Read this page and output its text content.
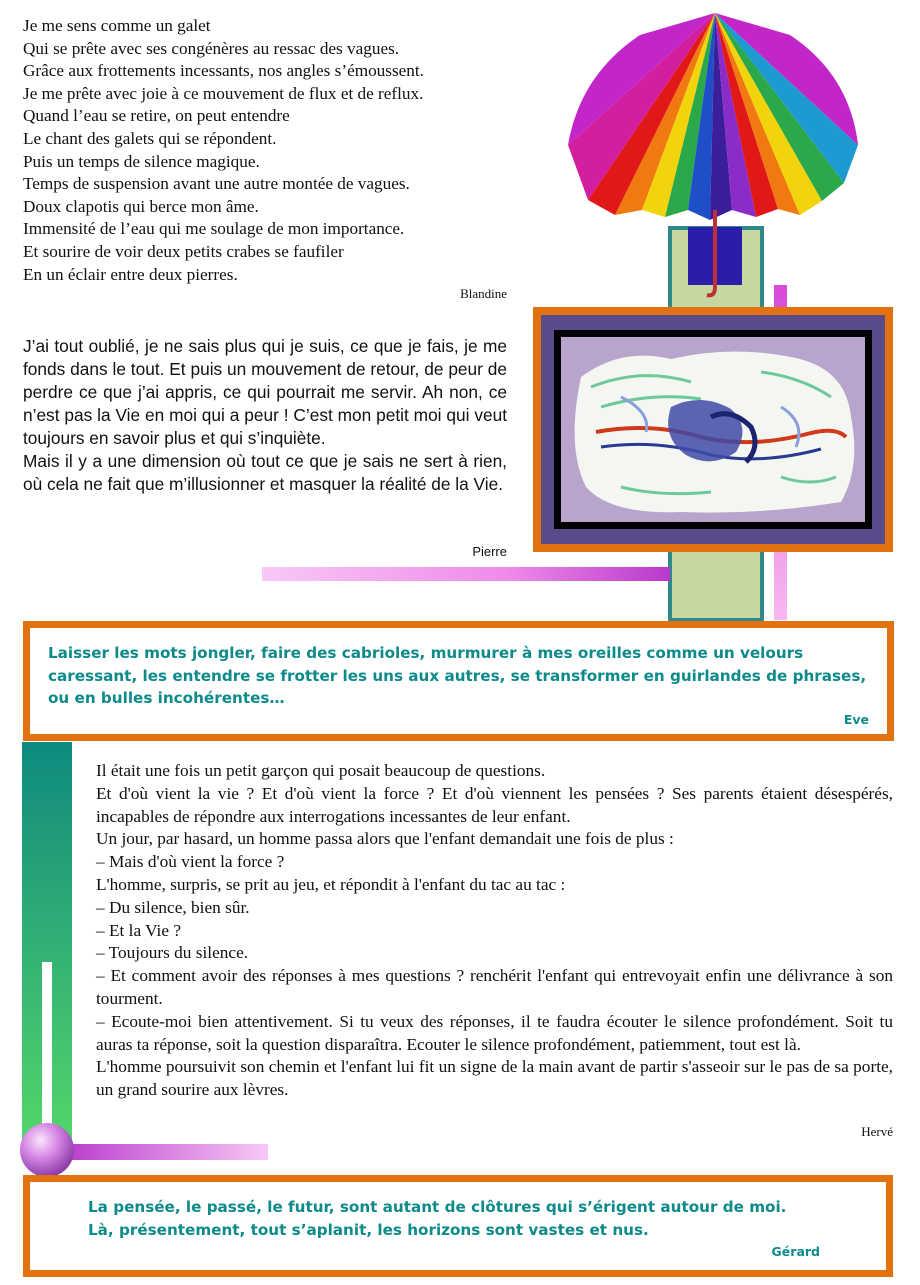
Je me sens comme un galet
Qui se prête avec ses congénères au ressac des vagues.
Grâce aux frottements incessants, nos angles s’émoussent.
Je me prête avec joie à ce mouvement de flux et de reflux.
Quand l’eau se retire, on peut entendre
Le chant des galets qui se répondent.
Puis un temps de silence magique.
Temps de suspension avant une autre montée de vagues.
Doux clapotis qui berce mon âme.
Immensité de l’eau qui me soulage de mon importance.
Et sourire de voir deux petits crabes se faufiler
En un éclair entre deux pierres.
Blandine

J’ai tout oublié, je ne sais plus qui je suis, ce que je fais, je me fonds dans le tout. Et puis un mouvement de retour, de peur de perdre ce que j’ai appris, ce qui pourrait me servir. Ah non, ce n’est pas la Vie en moi qui a peur ! C’est mon petit moi qui veut toujours en savoir plus et qui s’inquiète.

Mais il y a une dimension où tout ce que je sais ne sert à rien, où cela ne fait que m’illusionner et masquer la réalité de la Vie.

Pierre
Laisser les mots jongler, faire des cabrioles, murmurer à mes oreilles comme un velours caressant, les entendre se frotter les uns aux autres, se transformer en guirlandes de phrases, ou en bulles incohérentes…
Eve

Il était une fois un petit garçon qui posait beaucoup de questions.

Et d'où vient la vie ? Et d'où vient la force ? Et d'où viennent les pensées ? Ses parents étaient désespérés, incapables de répondre aux interrogations incessantes de leur enfant.

Un jour, par hasard, un homme passa alors que l'enfant demandait une fois de plus :

– Mais d'où vient la force ?

L'homme, surpris, se prit au jeu, et répondit à l'enfant du tac au tac :

– Du silence, bien sûr.

– Et la Vie ?

– Toujours du silence.

– Et comment avoir des réponses à mes questions ? renchérit l'enfant qui entrevoyait enfin une délivrance à son tourment.

– Ecoute-moi bien attentivement. Si tu veux des réponses, il te faudra écouter le silence profondément. Soit tu auras ta réponse, soit la question disparaîtra. Ecouter le silence profondément, patiemment, tout est là.

L'homme poursuivit son chemin et l'enfant lui fit un signe de la main avant de partir s'asseoir sur le pas de sa porte, un grand sourire aux lèvres.

Hervé
La pensée, le passé, le futur, sont autant de clôtures qui s’érigent autour de moi.
Là, présentement, tout s’aplanit, les horizons sont vastes et nus.
Gérard
